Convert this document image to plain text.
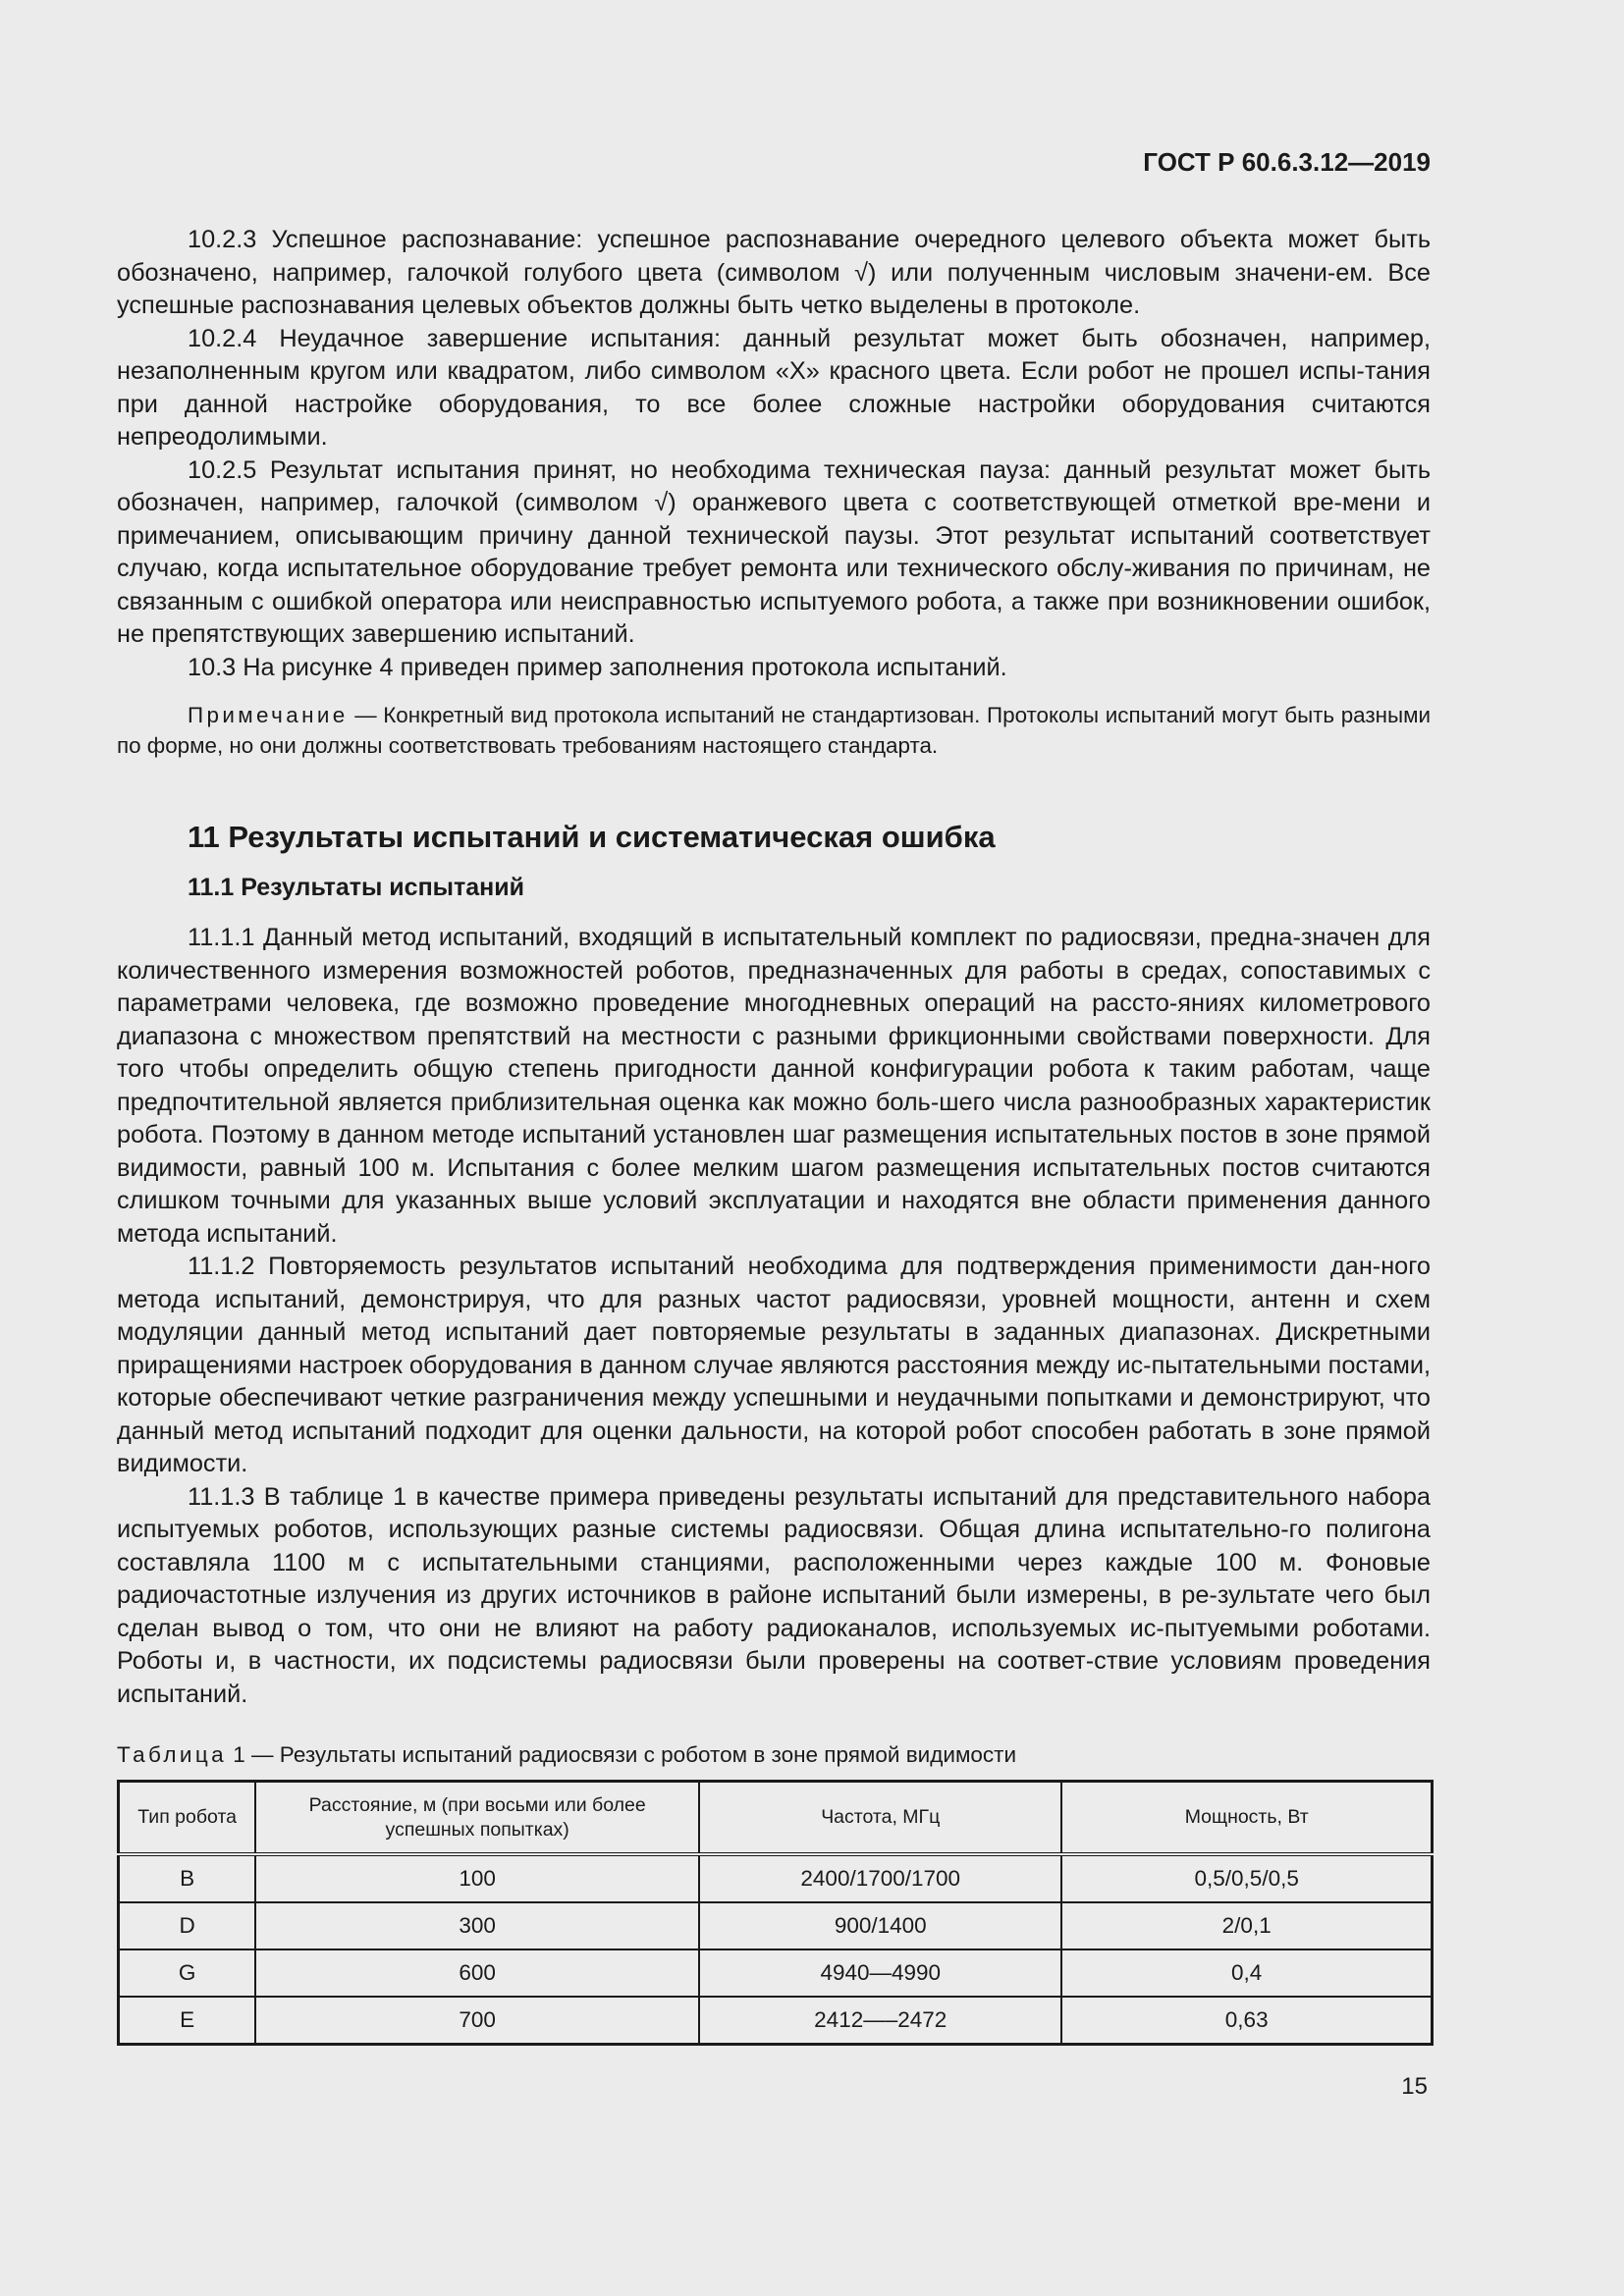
ГОСТ Р 60.6.3.12—2019

10.2.3 Успешное распознавание: успешное распознавание очередного целевого объекта может быть обозначено, например, галочкой голубого цвета (символом √) или полученным числовым значени-ем. Все успешные распознавания целевых объектов должны быть четко выделены в протоколе.

10.2.4 Неудачное завершение испытания: данный результат может быть обозначен, например, незаполненным кругом или квадратом, либо символом «Х» красного цвета. Если робот не прошел испы-тания при данной настройке оборудования, то все более сложные настройки оборудования считаются непреодолимыми.

10.2.5 Результат испытания принят, но необходима техническая пауза: данный результат может быть обозначен, например, галочкой (символом √) оранжевого цвета с соответствующей отметкой вре-мени и примечанием, описывающим причину данной технической паузы. Этот результат испытаний соответствует случаю, когда испытательное оборудование требует ремонта или технического обслу-живания по причинам, не связанным с ошибкой оператора или неисправностью испытуемого робота, а также при возникновении ошибок, не препятствующих завершению испытаний.

10.3 На рисунке 4 приведен пример заполнения протокола испытаний.

Примечание — Конкретный вид протокола испытаний не стандартизован. Протоколы испытаний могут быть разными по форме, но они должны соответствовать требованиям настоящего стандарта.

11 Результаты испытаний и систематическая ошибка
11.1 Результаты испытаний

11.1.1 Данный метод испытаний, входящий в испытательный комплект по радиосвязи, предна-значен для количественного измерения возможностей роботов, предназначенных для работы в средах, сопоставимых с параметрами человека, где возможно проведение многодневных операций на рассто-яниях километрового диапазона с множеством препятствий на местности с разными фрикционными свойствами поверхности. Для того чтобы определить общую степень пригодности данной конфигурации робота к таким работам, чаще предпочтительной является приблизительная оценка как можно боль-шего числа разнообразных характеристик робота. Поэтому в данном методе испытаний установлен шаг размещения испытательных постов в зоне прямой видимости, равный 100 м. Испытания с более мелким шагом размещения испытательных постов считаются слишком точными для указанных выше условий эксплуатации и находятся вне области применения данного метода испытаний.

11.1.2 Повторяемость результатов испытаний необходима для подтверждения применимости дан-ного метода испытаний, демонстрируя, что для разных частот радиосвязи, уровней мощности, антенн и схем модуляции данный метод испытаний дает повторяемые результаты в заданных диапазонах. Дискретными приращениями настроек оборудования в данном случае являются расстояния между ис-пытательными постами, которые обеспечивают четкие разграничения между успешными и неудачными попытками и демонстрируют, что данный метод испытаний подходит для оценки дальности, на которой робот способен работать в зоне прямой видимости.

11.1.3 В таблице 1 в качестве примера приведены результаты испытаний для представительного набора испытуемых роботов, использующих разные системы радиосвязи. Общая длина испытательно-го полигона составляла 1100 м с испытательными станциями, расположенными через каждые 100 м. Фоновые радиочастотные излучения из других источников в районе испытаний были измерены, в ре-зультате чего был сделан вывод о том, что они не влияют на работу радиоканалов, используемых ис-пытуемыми роботами. Роботы и, в частности, их подсистемы радиосвязи были проверены на соответ-ствие условиям проведения испытаний.

Таблица 1 — Результаты испытаний радиосвязи с роботом в зоне прямой видимости
Тип робота	Расстояние, м (при восьми или более успешных попытках)	Частота, МГц	Мощность, Вт
B	100	2400/1700/1700	0,5/0,5/0,5
D	300	900/1400	2/0,1
G	600	4940—4990	0,4
E	700	2412—–2472	0,63
15
